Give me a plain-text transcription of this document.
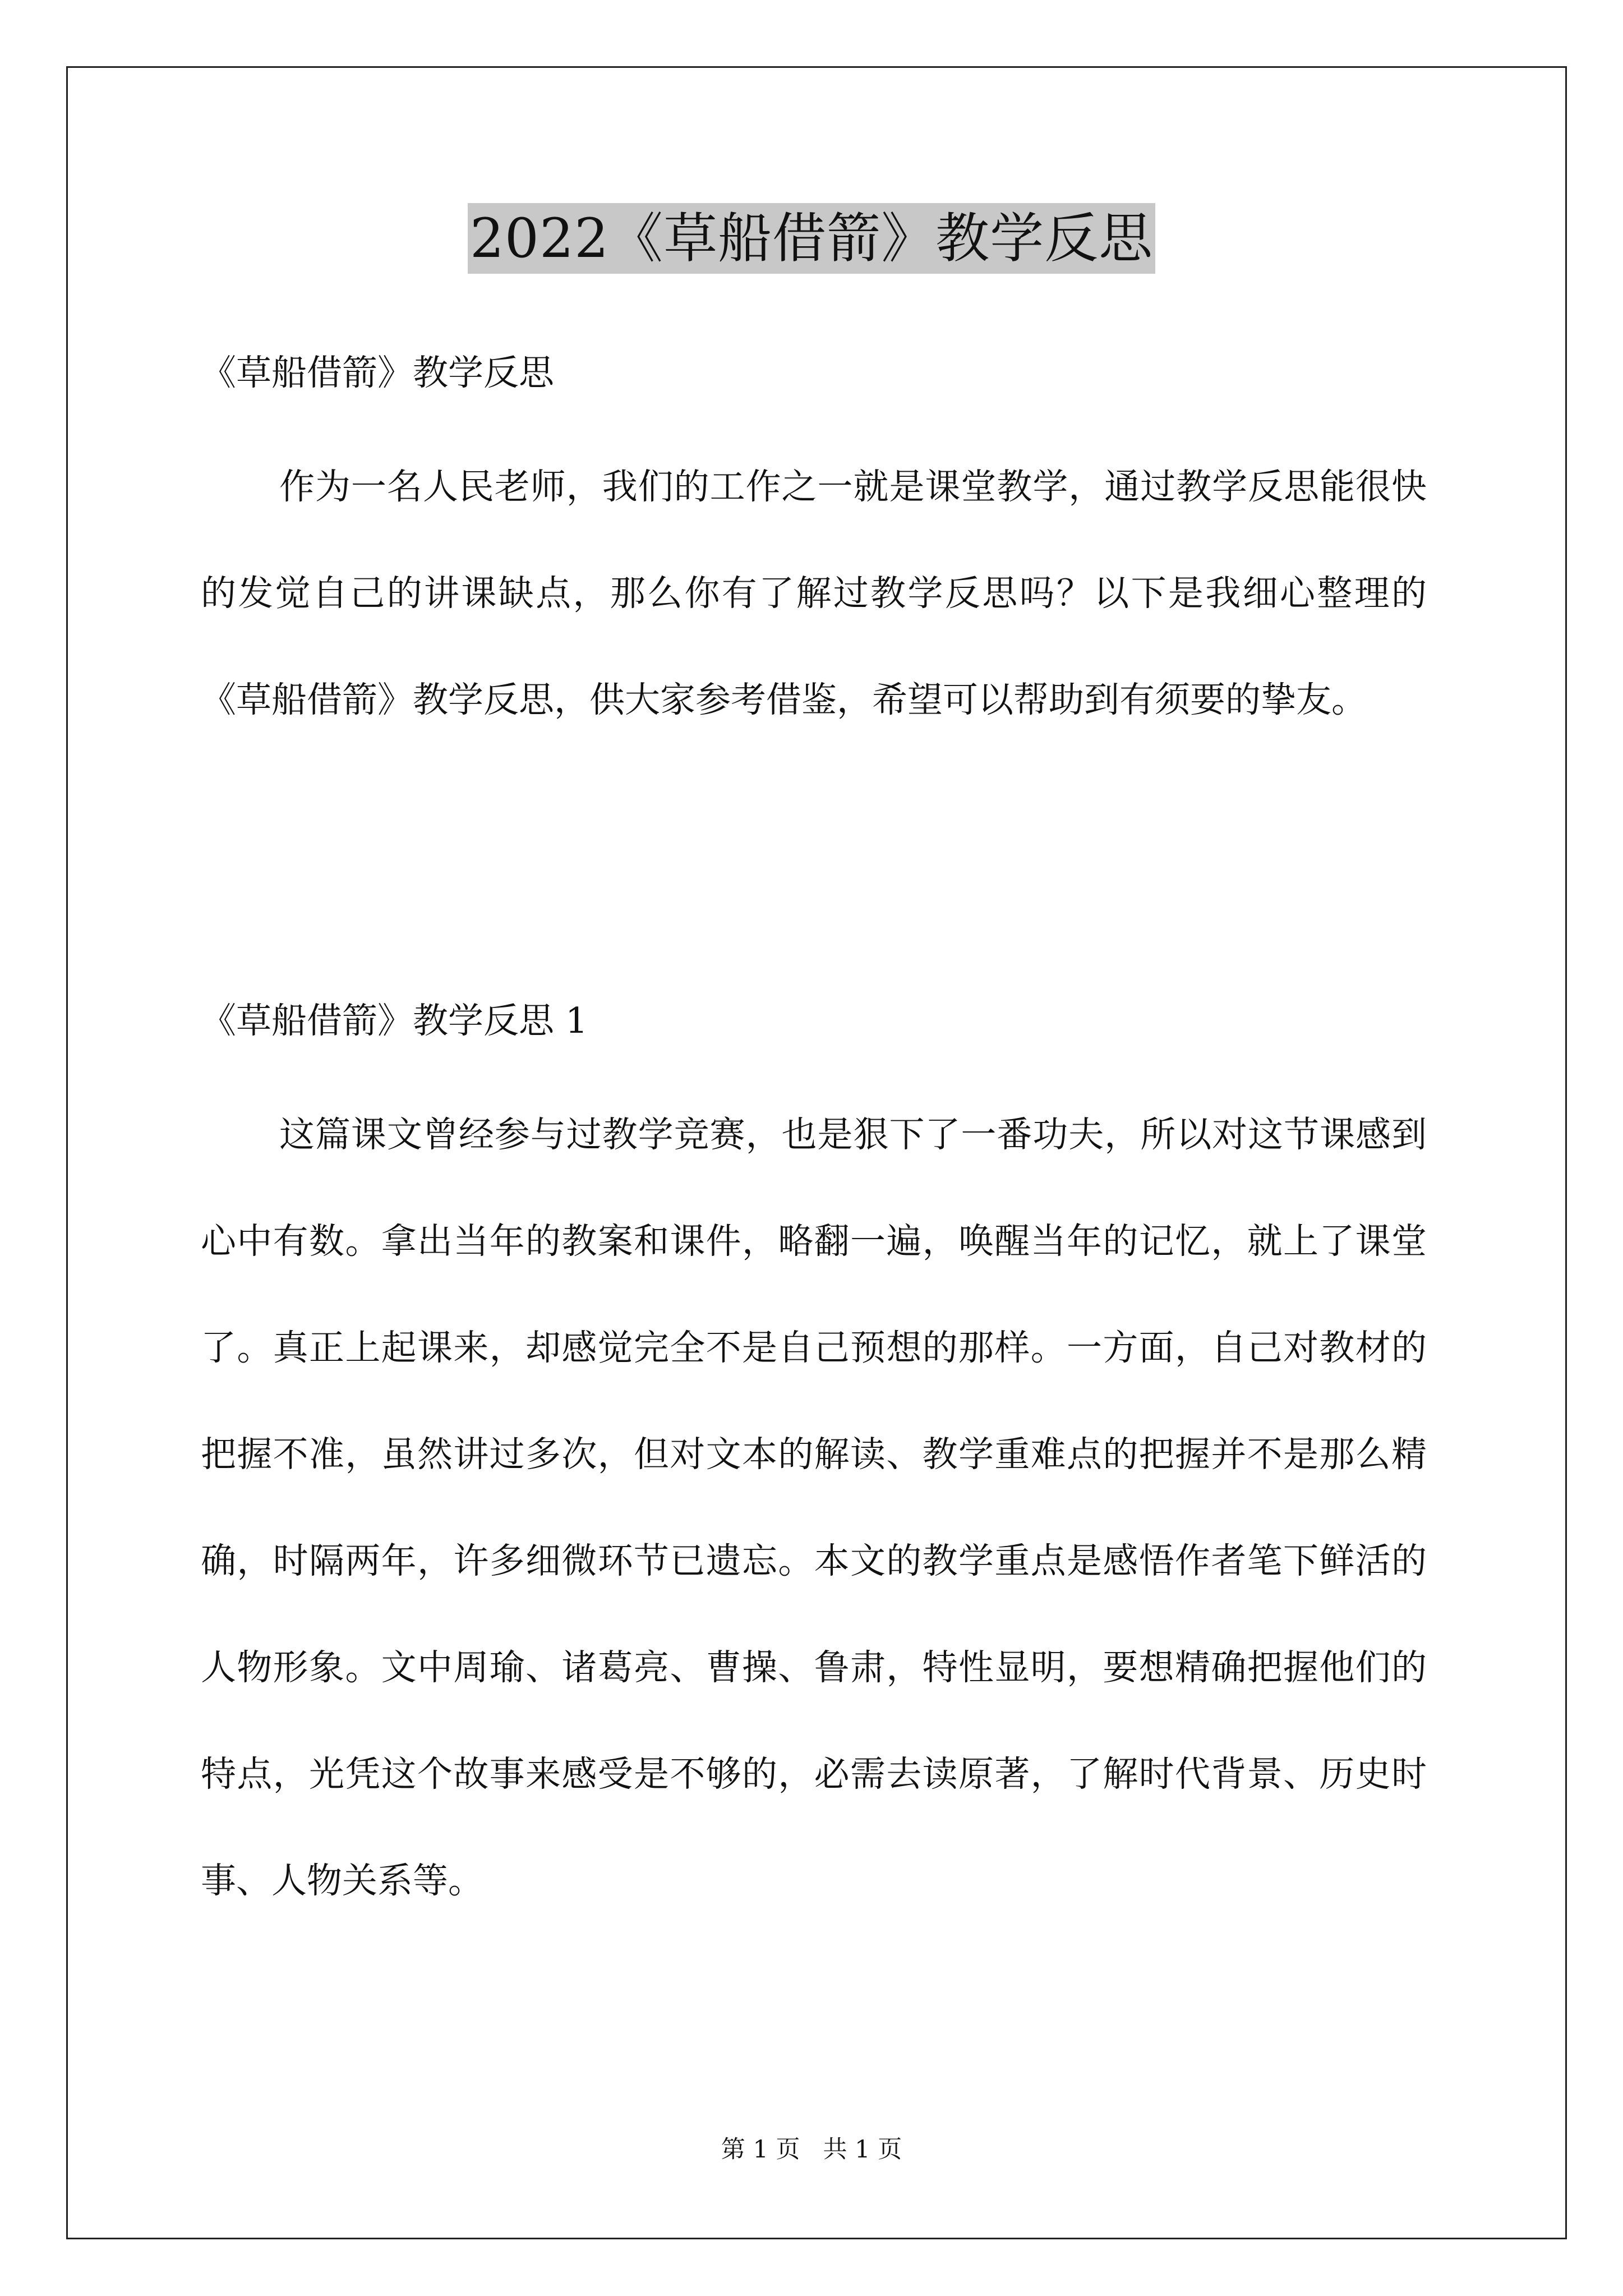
2022《草船借箭》教学反思
《草船借箭》教学反思
作为一名人民老师，我们的工作之一就是课堂教学，通过教学反思能很快的发觉自己的讲课缺点，那么你有了解过教学反思吗？以下是我细心整理的《草船借箭》教学反思，供大家参考借鉴，希望可以帮助到有须要的挚友。
《草船借箭》教学反思 1
这篇课文曾经参与过教学竞赛，也是狠下了一番功夫，所以对这节课感到心中有数。拿出当年的教案和课件，略翻一遍，唤醒当年的记忆，就上了课堂了。真正上起课来，却感觉完全不是自己预想的那样。一方面，自己对教材的把握不准，虽然讲过多次，但对文本的解读、教学重难点的把握并不是那么精确，时隔两年，许多细微环节已遗忘。本文的教学重点是感悟作者笔下鲜活的人物形象。文中周瑜、诸葛亮、曹操、鲁肃，特性显明，要想精确把握他们的特点，光凭这个故事来感受是不够的，必需去读原著，了解时代背景、历史时事、人物关系等。
第 1 页   共 1 页
